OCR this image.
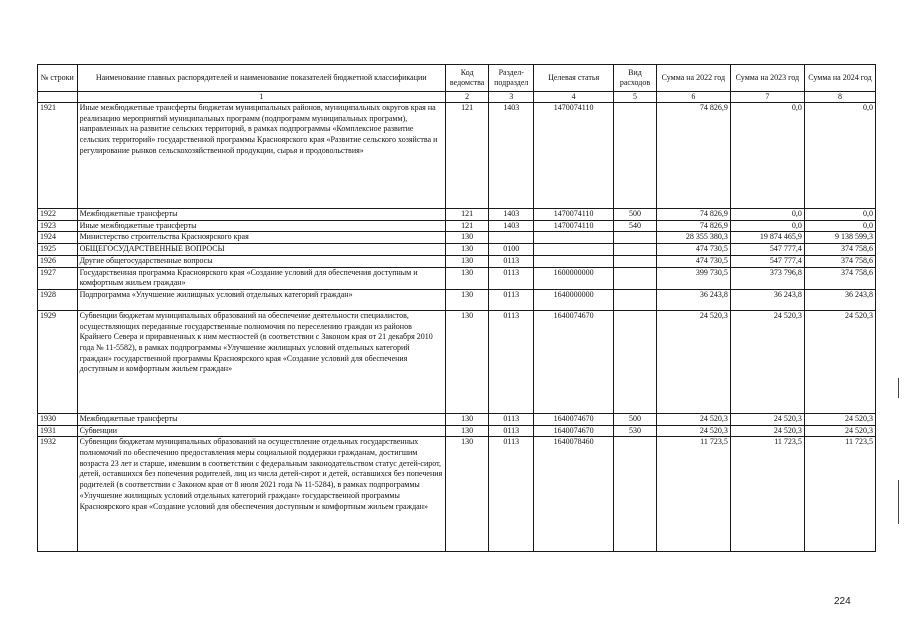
№ строки	Наименование главных распорядителей и наименование показателей бюджетной классификации	Код ведомства	Раздел-подраздел	Целевая статья	Вид расходов	Сумма на 2022 год	Сумма на 2023 год	Сумма на 2024 год
	1	2	3	4	5	6	7	8
1921	Иные межбюджетные трансферты бюджетам муниципальных районов, муниципальных округов края на реализацию мероприятий муниципальных программ (подпрограмм муниципальных программ), направленных на развитие сельских территорий, в рамках подпрограммы «Комплексное развитие сельских территорий» государственной программы Красноярского края «Развитие сельского хозяйства и регулирование рынков сельскохозяйственной продукции, сырья и продовольствия»	121	1403	1470074110		74 826,9	0,0	0,0
1922	Межбюджетные трансферты	121	1403	1470074110	500	74 826,9	0,0	0,0
1923	Иные межбюджетные трансферты	121	1403	1470074110	540	74 826,9	0,0	0,0
1924	Министерство строительства Красноярского края	130				28 355 380,3	19 874 465,9	9 138 599,3
1925	ОБЩЕГОСУДАРСТВЕННЫЕ ВОПРОСЫ	130	0100			474 730,5	547 777,4	374 758,6
1926	Другие общегосударственные вопросы	130	0113			474 730,5	547 777,4	374 758,6
1927	Государственная программа Красноярского края «Создание условий для обеспечения доступным и комфортным жильем граждан»	130	0113	1600000000		399 730,5	373 796,8	374 758,6
1928	Подпрограмма «Улучшение жилищных условий отдельных категорий граждан»	130	0113	1640000000		36 243,8	36 243,8	36 243,8
1929	Субвенции бюджетам муниципальных образований на обеспечение деятельности специалистов, осуществляющих переданные государственные полномочия по переселению граждан из районов Крайнего Севера и приравненных к ним местностей (в соответствии с Законом края от 21 декабря 2010 года № 11-5582), в рамках подпрограммы «Улучшение жилищных условий отдельных категорий граждан» государственной программы Красноярского края «Создание условий для обеспечения доступным и комфортным жильем граждан»	130	0113	1640074670		24 520,3	24 520,3	24 520,3
1930	Межбюджетные трансферты	130	0113	1640074670	500	24 520,3	24 520,3	24 520,3
1931	Субвенции	130	0113	1640074670	530	24 520,3	24 520,3	24 520,3
1932	Субвенции бюджетам муниципальных образований на осуществление отдельных государственных полномочий по обеспечению предоставления меры социальной поддержки гражданам, достигшим возраста 23 лет и старше, имевшим в соответствии с федеральным законодательством статус детей-сирот, детей, оставшихся без попечения родителей, лиц из числа детей-сирот и детей, оставшихся без попечения родителей (в соответствии с Законом края от 8 июля 2021 года № 11-5284), в рамках подпрограммы «Улучшение жилищных условий отдельных категорий граждан» государственной программы Красноярского края «Создание условий для обеспечения доступным и комфортным жильем граждан»	130	0113	1640078460		11 723,5	11 723,5	11 723,5
224
